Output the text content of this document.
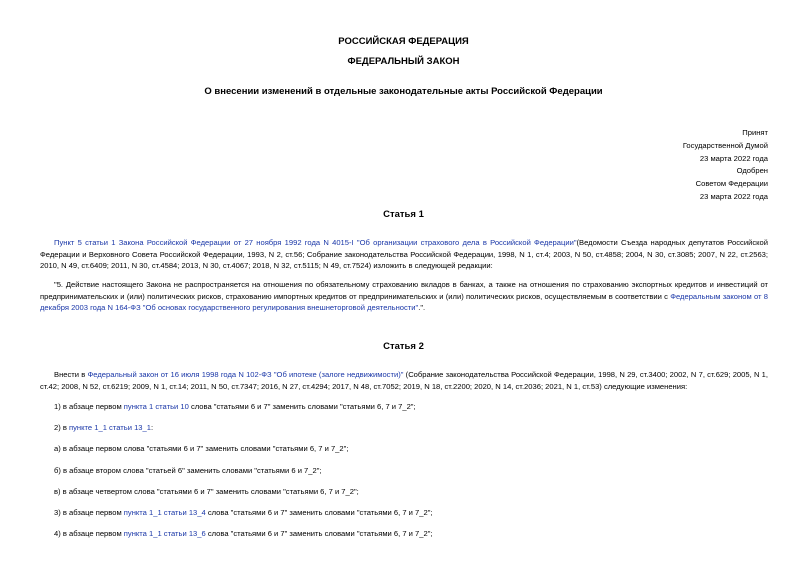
РОССИЙСКАЯ ФЕДЕРАЦИЯ
ФЕДЕРАЛЬНЫЙ ЗАКОН
О внесении изменений в отдельные законодательные акты Российской Федерации
Принят
Государственной Думой
23 марта 2022 года
Одобрен
Советом Федерации
23 марта 2022 года
Статья 1

Пункт 5 статьи 1 Закона Российской Федерации от 27 ноября 1992 года N 4015-I "Об организации страхового дела в Российской Федерации"(Ведомости Съезда народных депутатов Российской Федерации и Верховного Совета Российской Федерации, 1993, N 2, ст.56; Собрание законодательства Российской Федерации, 1998, N 1, ст.4; 2003, N 50, ст.4858; 2004, N 30, ст.3085; 2007, N 22, ст.2563; 2010, N 49, ст.6409; 2011, N 30, ст.4584; 2013, N 30, ст.4067; 2018, N 32, ст.5115; N 49, ст.7524) изложить в следующей редакции:

"5. Действие настоящего Закона не распространяется на отношения по обязательному страхованию вкладов в банках, а также на отношения по страхованию экспортных кредитов и инвестиций от предпринимательских и (или) политических рисков, страхованию импортных кредитов от предпринимательских и (или) политических рисков, осуществляемым в соответствии с Федеральным законом от 8 декабря 2003 года N 164-ФЗ "Об основах государственного регулирования внешнеторговой деятельности".".

Статья 2

Внести в Федеральный закон от 16 июля 1998 года N 102-ФЗ "Об ипотеке (залоге недвижимости)" (Собрание законодательства Российской Федерации, 1998, N 29, ст.3400; 2002, N 7, ст.629; 2005, N 1, ст.42; 2008, N 52, ст.6219; 2009, N 1, ст.14; 2011, N 50, ст.7347; 2016, N 27, ст.4294; 2017, N 48, ст.7052; 2019, N 18, ст.2200; 2020, N 14, ст.2036; 2021, N 1, ст.53) следующие изменения:

1) в абзаце первом пункта 1 статьи 10 слова "статьями 6 и 7" заменить словами "статьями 6, 7 и 7_2";

2) в пункте 1_1 статьи 13_1:

а) в абзаце первом слова "статьями 6 и 7" заменить словами "статьями 6, 7 и 7_2";

б) в абзаце втором слова "статьей 6" заменить словами "статьями 6 и 7_2";

в) в абзаце четвертом слова "статьями 6 и 7" заменить словами "статьями 6, 7 и 7_2";

3) в абзаце первом пункта 1_1 статьи 13_4 слова "статьями 6 и 7" заменить словами "статьями 6, 7 и 7_2";

4) в абзаце первом пункта 1_1 статьи 13_6 слова "статьями 6 и 7" заменить словами "статьями 6, 7 и 7_2";
